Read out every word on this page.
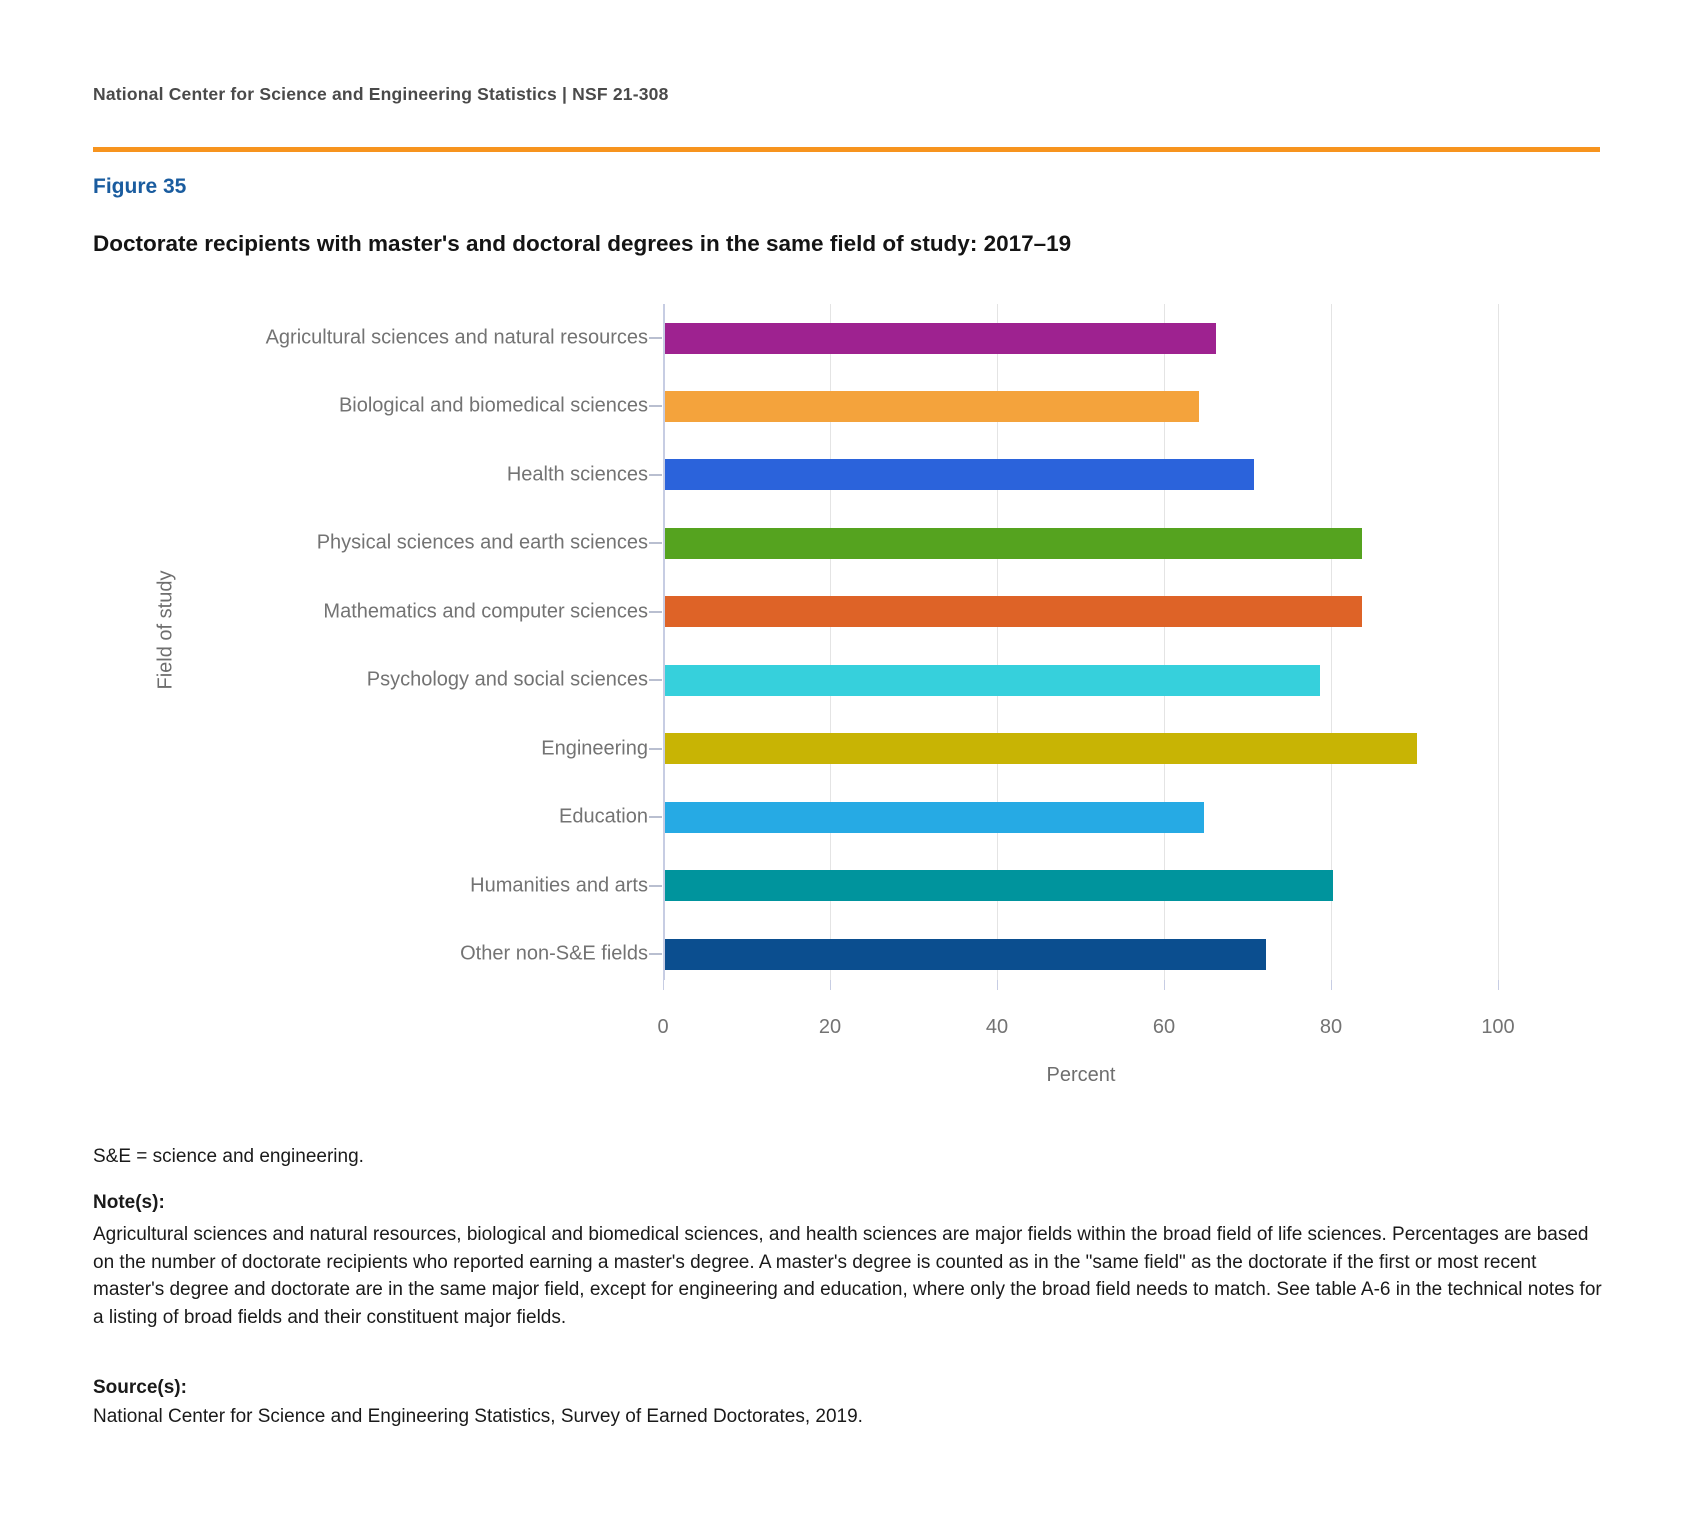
National Center for Science and Engineering Statistics | NSF 21-308
Figure 35
Doctorate recipients with master's and doctoral degrees in the same field of study: 2017–19
0	20	40	60	80	100
Percent
Field of study
Agricultural sciences and natural resources
Biological and biomedical sciences
Health sciences
Physical sciences and earth sciences
Mathematics and computer sciences
Psychology and social sciences
Engineering
Education
Humanities and arts
Other non-S&E fields
S&E = science and engineering.
Note(s):
Agricultural sciences and natural resources, biological and biomedical sciences, and health sciences are major fields within the broad field of life sciences. Percentages are based on the number of doctorate recipients who reported earning a master's degree. A master's degree is counted as in the "same field" as the doctorate if the first or most recent master's degree and doctorate are in the same major field, except for engineering and education, where only the broad field needs to match. See table A-6 in the technical notes for a listing of broad fields and their constituent major fields.
Source(s):
National Center for Science and Engineering Statistics, Survey of Earned Doctorates, 2019.
